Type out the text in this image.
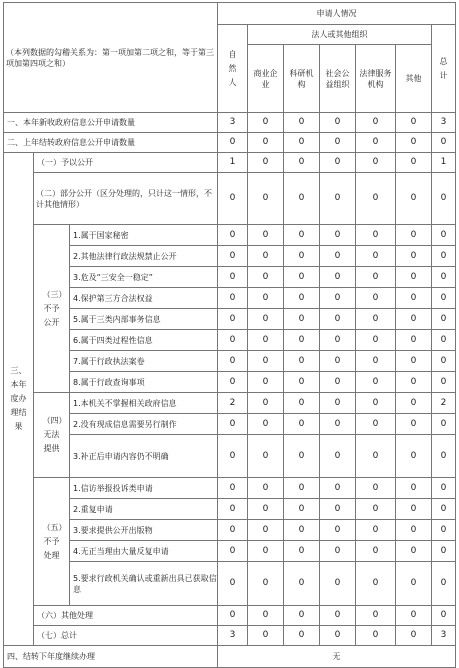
（本列数据的勾稽关系为：第一项加第二项之和，等于第三项加第四项之和）			申请人情况						
			自然人	法人或其他组织					总计
				商业企业	科研机构	社会公益组织	法律服务机构	其他	
一、本年新收政府信息公开申请数量			3	0	0	0	0	0	3
二、上年结转政府信息公开申请数量			0	0	0	0	0	0	0
三、本年度办理结果	（一）予以公开		1	0	0	0	0	0	1
	（二）部分公开（区分处理的，只计这一情形，不计其他情形）		0	0	0	0	0	0	0
	（三）不予公开	1.属于国家秘密	0	0	0	0	0	0	0
		2.其他法律行政法规禁止公开	0	0	0	0	0	0	0
		3.危及“三安全一稳定”	0	0	0	0	0	0	0
		4.保护第三方合法权益	0	0	0	0	0	0	0
		5.属于三类内部事务信息	0	0	0	0	0	0	0
		6.属于四类过程性信息	0	0	0	0	0	0	0
		7.属于行政执法案卷	0	0	0	0	0	0	0
		8.属于行政查询事项	0	0	0	0	0	0	0
	（四）无法提供	1.本机关不掌握相关政府信息	2	0	0	0	0	0	2
		2.没有现成信息需要另行制作	0	0	0	0	0	0	0
		3.补正后申请内容仍不明确	0	0	0	0	0	0	0
	（五）不予处理	1.信访举报投诉类申请	0	0	0	0	0	0	0
		2.重复申请	0	0	0	0	0	0	0
		3.要求提供公开出版物	0	0	0	0	0	0	0
		4.无正当理由大量反复申请	0	0	0	0	0	0	0
		5.要求行政机关确认或重新出具已获取信息	0	0	0	0	0	0	0
	（六）其他处理		0	0	0	0	0	0	0
	（七）总计		3	0	0	0	0	0	3
四、结转下年度继续办理			无						
